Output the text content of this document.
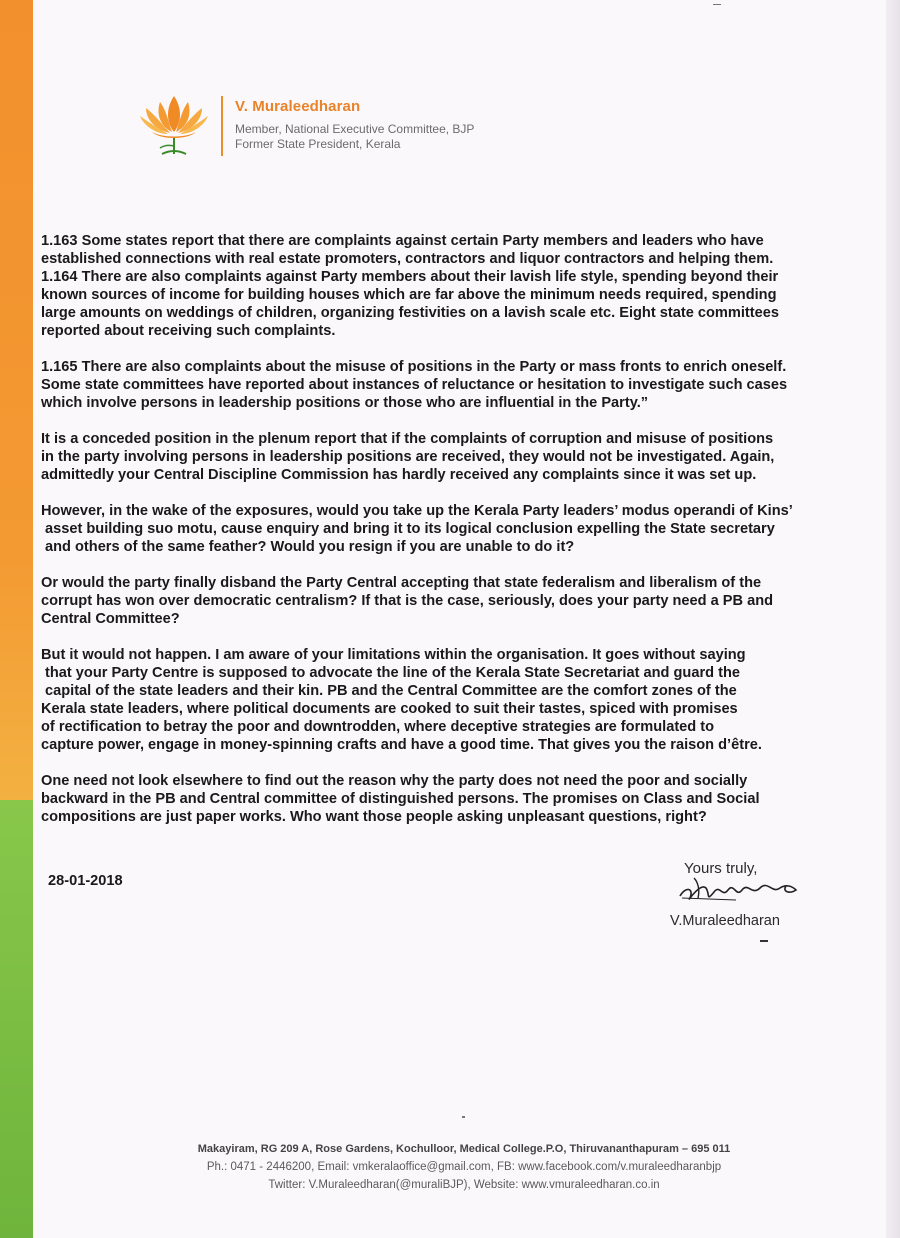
V. Muraleedharan
Member, National Executive Committee, BJP
Former State President, Kerala

1.163 Some states report that there are complaints against certain Party members and leaders who have
established connections with real estate promoters, contractors and liquor contractors and helping them.
1.164 There are also complaints against Party members about their lavish life style, spending beyond their
known sources of income for building houses which are far above the minimum needs required, spending
large amounts on weddings of children, organizing festivities on a lavish scale etc. Eight state committees
reported about receiving such complaints.

1.165 There are also complaints about the misuse of positions in the Party or mass fronts to enrich oneself.
Some state committees have reported about instances of reluctance or hesitation to investigate such cases
which involve persons in leadership positions or those who are influential in the Party.”

It is a conceded position in the plenum report that if the complaints of corruption and misuse of positions
in the party involving persons in leadership positions are received, they would not be investigated. Again,
admittedly your Central Discipline Commission has hardly received any complaints since it was set up.

However, in the wake of the exposures, would you take up the Kerala Party leaders’ modus operandi of Kins’
asset building suo motu, cause enquiry and bring it to its logical conclusion expelling the State secretary
and others of the same feather? Would you resign if you are unable to do it?

Or would the party finally disband the Party Central accepting that state federalism and liberalism of the
corrupt has won over democratic centralism? If that is the case, seriously, does your party need a PB and
Central Committee?

But it would not happen. I am aware of your limitations within the organisation. It goes without saying
that your Party Centre is supposed to advocate the line of the Kerala State Secretariat and guard the
capital of the state leaders and their kin. PB and the Central Committee are the comfort zones of the
Kerala state leaders, where political documents are cooked to suit their tastes, spiced with promises
of rectification to betray the poor and downtrodden, where deceptive strategies are formulated to
capture power, engage in money-spinning crafts and have a good time. That gives you the raison d’être.

One need not look elsewhere to find out the reason why the party does not need the poor and socially
backward in the PB and Central committee of distinguished persons. The promises on Class and Social
compositions are just paper works. Who want those people asking unpleasant questions, right?

28-01-2018
Yours truly,
V.Muraleedharan
Makayiram, RG 209 A, Rose Gardens, Kochulloor, Medical College.P.O, Thiruvananthapuram – 695 011
Ph.: 0471 - 2446200, Email: vmkeralaoffice@gmail.com, FB: www.facebook.com/v.muraleedharanbjp
Twitter: V.Muraleedharan(@muraliBJP), Website: www.vmuraleedharan.co.in
